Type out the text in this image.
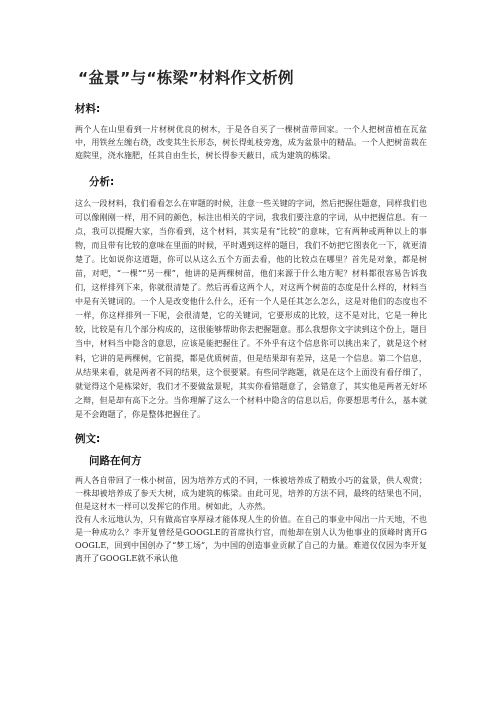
“盆景”与“栋梁”材料作文析例
材料:
两个人在山里看到一片材树优良的树木，于是各自买了一棵树苗带回家。一个人把树苗植在瓦盆中，用铁丝左缠右绕，改变其生长形态，树长得虬枝旁逸，成为盆景中的精品。一个人把树苗栽在庭院里，浇水施肥，任其自由生长，树长得参天蔽日，成为建筑的栋梁。
分析:
这么一段材料，我们看看怎么在审题的时候，注意一些关键的字词，然后把握住题意，同样我们也可以像刚刚一样，用不同的颜色，标注出相关的字词，我我们要注意的字词，从中把握信息。有一点，我可以提醒大家，当你看到，这个材料，其实是有“比较”的意味，它有两种或两种以上的事物，而且带有比较的意味在里面的时候，平时遇到这样的题目，我们不妨把它图表化一下，就更清楚了。比如说你这道题，你可以从这么五个方面去看，他的比较点在哪里？首先是对象，都是树苗，对吧，“一棵”“另一棵”，他讲的是两棵树苗，他们来源于什么地方呢？材料都很容易告诉我们，这样排列下来，你就很清楚了。然后再看这两个人，对这两个树苗的态度是什么样的，材料当中是有关键词的。一个人是改变他什么什么，还有一个人是任其怎么怎么，这是对他们的态度也不一样，你这样排列一下呢，会很清楚，它的关键词，它要形成的比较，这不是对比，它是一种比较，比较是有几个部分构成的，这很能够帮助你去把握题意。那么我想你文字读到这个份上，题目当中，材料当中隐含的意思，应该是能把握住了。不外乎有这个信息你可以挑出来了，就是这个材料，它讲的是两棵树，它前提，都是优质树苗，但是结果却有差异，这是一个信息。第二个信息，从结果来看，就是两者不同的结果，这个很要紧。有些同学跑题，就是在这个上面没有看仔细了，就觉得这个是栋梁好，我们才不要做盆景呢，其实你看错题意了，会错意了，其实他是两者无好坏之辩，但是却有高下之分。当你理解了这么一个材料中隐含的信息以后，你要想思考什么，基本就是不会跑题了，你是整体把握住了。
例文:
问路在何方
两人各自带回了一株小树苗，因为培养方式的不同，一株被培养成了精致小巧的盆景，供人观赏；一株却被培养成了参天大树，成为建筑的栋梁。由此可见，培养的方法不同，最终的结果也不同，但是这材木一样可以发挥它的作用。树如此，人亦然。
没有人永远地认为，只有做高官享厚禄才能体现人生的价值。在自己的事业中闯出一片天地，不也是一种成功么？李开复曾经是GOOGLE的首席执行官，而他却在别人认为他事业的顶峰时离开GOOGLE，回到中国创办了“梦工场”，为中国的创造事业贡献了自己的力量。难道仅仅因为李开复离开了GOOGLE就不承认他
